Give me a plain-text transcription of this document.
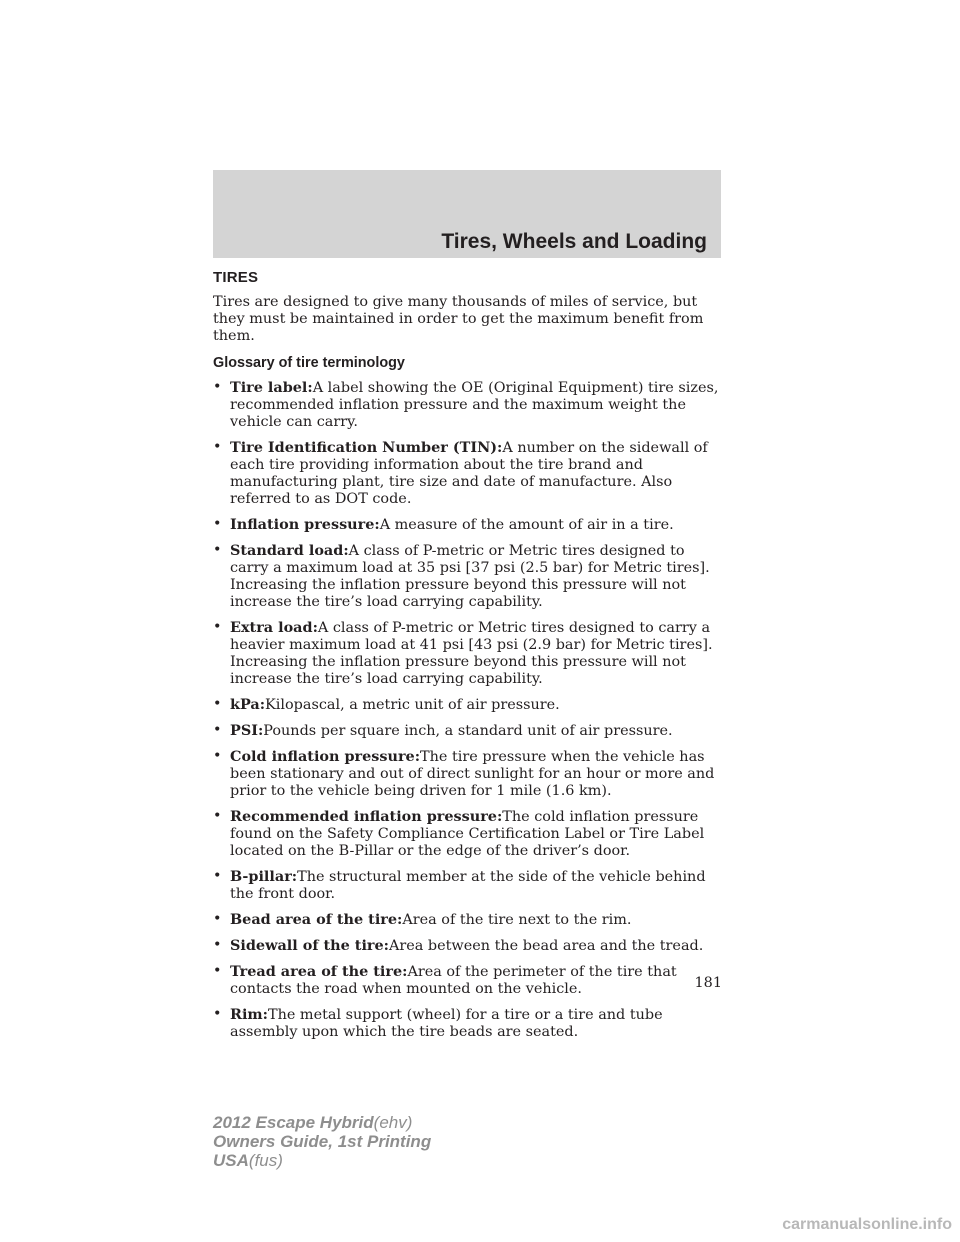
Tires, Wheels and Loading
TIRES

Tires are designed to give many thousands of miles of service, but they must be maintained in order to get the maximum benefit from them.

Glossary of tire terminology
• Tire label:A label showing the OE (Original Equipment) tire sizes, recommended inflation pressure and the maximum weight the vehicle can carry.
• Tire Identification Number (TIN):A number on the sidewall of each tire providing information about the tire brand and manufacturing plant, tire size and date of manufacture. Also referred to as DOT code.
• Inflation pressure:A measure of the amount of air in a tire.
• Standard load:A class of P-metric or Metric tires designed to carry a maximum load at 35 psi [37 psi (2.5 bar) for Metric tires]. Increasing the inflation pressure beyond this pressure will not increase the tire’s load carrying capability.
• Extra load:A class of P-metric or Metric tires designed to carry a heavier maximum load at 41 psi [43 psi (2.9 bar) for Metric tires]. Increasing the inflation pressure beyond this pressure will not increase the tire’s load carrying capability.
• kPa:Kilopascal, a metric unit of air pressure.
• PSI:Pounds per square inch, a standard unit of air pressure.
• Cold inflation pressure:The tire pressure when the vehicle has been stationary and out of direct sunlight for an hour or more and prior to the vehicle being driven for 1 mile (1.6 km).
• Recommended inflation pressure:The cold inflation pressure found on the Safety Compliance Certification Label or Tire Label located on the B-Pillar or the edge of the driver’s door.
• B-pillar:The structural member at the side of the vehicle behind the front door.
• Bead area of the tire:Area of the tire next to the rim.
• Sidewall of the tire:Area between the bead area and the tread.
• Tread area of the tire:Area of the perimeter of the tire that contacts the road when mounted on the vehicle.
• Rim:The metal support (wheel) for a tire or a tire and tube assembly upon which the tire beads are seated.
181
2012 Escape Hybrid(ehv)
Owners Guide, 1st Printing
USA(fus)
carmanualsonline.info
